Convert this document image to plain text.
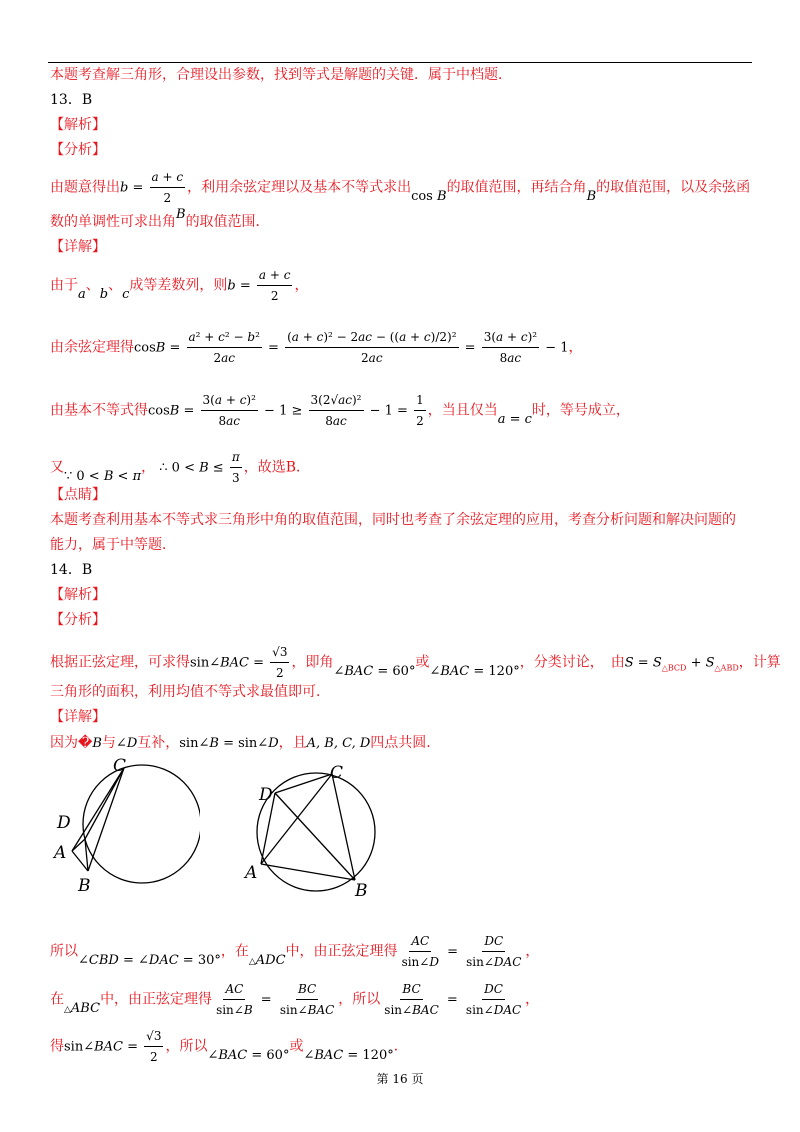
本题考查解三角形，合理设出参数，找到等式是解题的关键．属于中档题．
13．B
【解析】
【分析】
由题意得出$b = \frac{a + c}{2}$ ，利用余弦定理以及基本不等式求出cos B的取值范围，再结合角B的取值范围，以及余弦函
数的单调性可求出角B的取值范围．
【详解】
由于a、b、c成等差数列，则$b = \frac{a + c}{2}$ ，
由余弦定理得$\cos B = \frac{\text{a² + c² − b²}}{2ac} = \frac{\text{(a + c)² − 2ac − ((a + c)/2)²}}{2ac} = \frac{\text{3(a + c)²}}{8ac} - 1$，
由基本不等式得$\cos B = \frac{\text{3(a + c)²}}{8ac} - 1 \ge \frac{\text{3(2√ac)²}}{8ac} - 1 = \frac{1}{2}$ ，当且仅当a = c时，等号成立，
又∵ 0 < B < π， ∴ $0 < B \le \frac{\pi}{3}$ ，故选B．
【点睛】
本题考查利用基本不等式求三角形中角的取值范围，同时也考查了余弦定理的应用，考查分析问题和解决问题的
能力，属于中等题．
14．B
【解析】
【分析】
根据正弦定理，可求得sin∠BAC = $\frac{√3}{2}$ ，即角∠BAC = 60°或∠BAC = 120°，分类讨论，　由$S = S_{\triangle BCD} + S_{\triangle ABD}$，计算
三角形的面积，利用均值不等式求最值即可．
【详解】
因为�B与∠D互补，sin∠B = sin∠D，且A, B, C, D四点共圆．
C
D
A
B
D
C
A
B
所以∠CBD = ∠DAC = 30°，在$_\triangle$ADC中，由正弦定理得 $\frac{AC}{\sin\angle D} = \frac{DC}{\text{sin∠DAC}}$ ，
在$_\triangle$ABC中，由正弦定理得 $\frac{AC}{\sin\angle B} = \frac{BC}{\text{sin∠BAC}}$ ，所以 $\frac{BC}{\text{sin∠BAC}} = \frac{DC}{\text{sin∠DAC}}$ ，
得sin∠BAC = $\frac{√3}{2}$ ，所以∠BAC = 60°或∠BAC = 120°．
第 16 页
